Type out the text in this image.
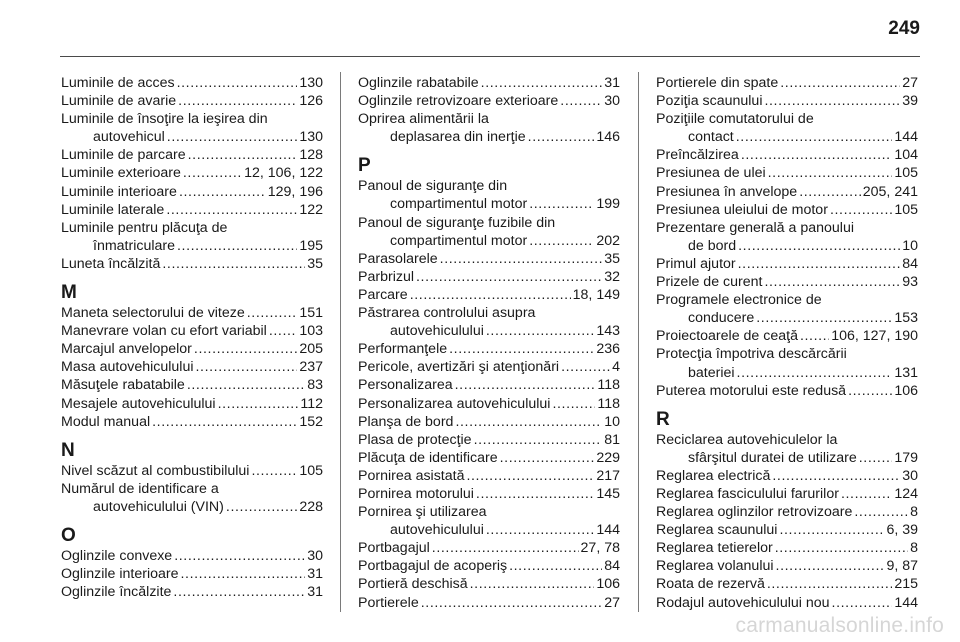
249
Luminile de acces .....	130
Luminile de avarie .....	126
Luminile de însoţire la ieşirea din
autovehicul .....	130
Luminile de parcare .....	128
Luminile exterioare .....	12, 106, 122
Luminile interioare .....	129, 196
Luminile laterale .....	122
Luminile pentru plăcuţa de
înmatriculare .....	195
Luneta încălzită .....	35
M
Maneta selectorului de viteze .....	151
Manevrare volan cu efort variabil ..... 103
Marcajul anvelopelor .....	205
Masa autovehiculului .....	237
Măsuţele rabatabile .....	83
Mesajele autovehiculului .....	112
Modul manual .....	152
N
Nivel scăzut al combustibilului .....	105
Numărul de identificare a
autovehiculului (VIN) .....	228
O
Oglinzile convexe .....	30
Oglinzile interioare .....	31
Oglinzile încălzite .....	31
Oglinzile rabatabile .....	31
Oglinzile retrovizoare exterioare .....	30
Oprirea alimentării la
deplasarea din inerţie .....	146
P
Panoul de siguranţe din
compartimentul motor .....	199
Panoul de siguranţe fuzibile din
compartimentul motor .....	202
Parasolarele .....	35
Parbrizul .....	32
Parcare .....	18, 149
Păstrarea controlului asupra
autovehiculului .....	143
Performanţele .....	236
Pericole, avertizări şi atenţionări .....	4
Personalizarea .....	118
Personalizarea autovehiculului .....	118
Planşa de bord .....	10
Plasa de protecţie .....	81
Plăcuţa de identificare .....	229
Pornirea asistată .....	217
Pornirea motorului .....	145
Pornirea şi utilizarea
autovehiculului .....	144
Portbagajul .....	27, 78
Portbagajul de acoperiş .....	84
Portieră deschisă .....	106
Portierele .....	27
Portierele din spate .....	27
Poziţia scaunului .....	39
Poziţiile comutatorului de
contact .....	144
Preîncălzirea .....	104
Presiunea de ulei .....	105
Presiunea în anvelope .....	205, 241
Presiunea uleiului de motor .....	105
Prezentare generală a panoului
de bord .....	10
Primul ajutor .....	84
Prizele de curent .....	93
Programele electronice de
conducere .....	153
Proiectoarele de ceaţă ..... 106, 127, 190
Protecţia împotriva descărcării
bateriei .....	131
Puterea motorului este redusă .....	106
R
Reciclarea autovehiculelor la
sfârşitul duratei de utilizare .....	179
Reglarea electrică .....	30
Reglarea fasciculului farurilor .....	124
Reglarea oglinzilor retrovizoare .....	8
Reglarea scaunului .....	6, 39
Reglarea tetierelor .....	8
Reglarea volanului .....	9, 87
Roata de rezervă .....	215
Rodajul autovehiculului nou .....	144
carmanualsonline.info
